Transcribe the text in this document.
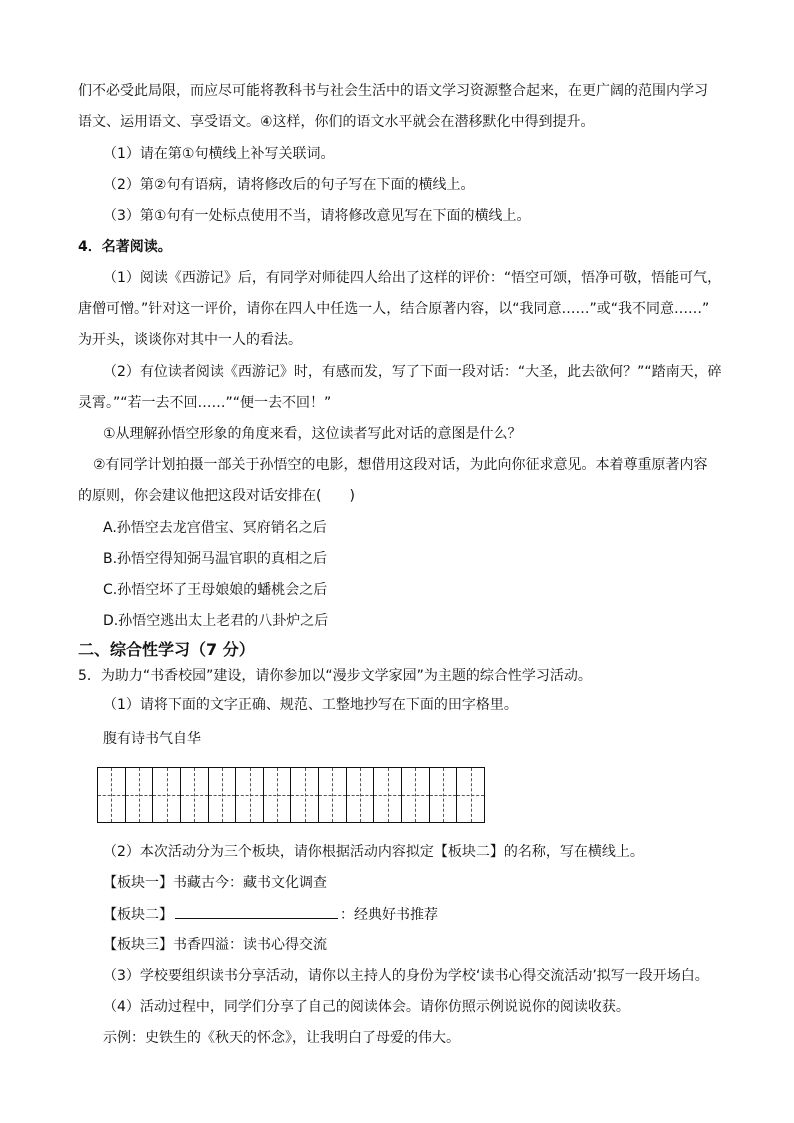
们不必受此局限，而应尽可能将教科书与社会生活中的语文学习资源整合起来，在更广阔的范围内学习
语文、运用语文、享受语文。④这样，你们的语文水平就会在潜移默化中得到提升。
（1）请在第①句横线上补写关联词。
（2）第②句有语病，请将修改后的句子写在下面的横线上。
（3）第①句有一处标点使用不当，请将修改意见写在下面的横线上。
4．名著阅读。
（1）阅读《西游记》后，有同学对师徒四人给出了这样的评价：“悟空可颂，悟净可敬，悟能可气，
唐僧可憎。”针对这一评价，请你在四人中任选一人，结合原著内容，以“我同意……”或“我不同意……”
为开头，谈谈你对其中一人的看法。
（2）有位读者阅读《西游记》时，有感而发，写了下面一段对话：“大圣，此去欲何？”“踏南天，碎
灵霄。”“若一去不回……”“便一去不回！”
①从理解孙悟空形象的角度来看，这位读者写此对话的意图是什么？
②有同学计划拍摄一部关于孙悟空的电影，想借用这段对话，为此向你征求意见。本着尊重原著内容
的原则，你会建议他把这段对话安排在(　　)
A.孙悟空去龙宫借宝、冥府销名之后
B.孙悟空得知弼马温官职的真相之后
C.孙悟空坏了王母娘娘的蟠桃会之后
D.孙悟空逃出太上老君的八卦炉之后
二、综合性学习（7 分）
5．为助力“书香校园”建设，请你参加以“漫步文学家园”为主题的综合性学习活动。
（1）请将下面的文字正确、规范、工整地抄写在下面的田字格里。
腹有诗书气自华
（2）本次活动分为三个板块，请你根据活动内容拟定【板块二】的名称，写在横线上。
【板块一】书藏古今：藏书文化调查
【板块二】	：经典好书推荐
【板块三】书香四溢：读书心得交流
（3）学校要组织读书分享活动，请你以主持人的身份为学校‘读书心得交流活动’拟写一段开场白。
（4）活动过程中，同学们分享了自己的阅读体会。请你仿照示例说说你的阅读收获。
示例：史铁生的《秋天的怀念》，让我明白了母爱的伟大。
